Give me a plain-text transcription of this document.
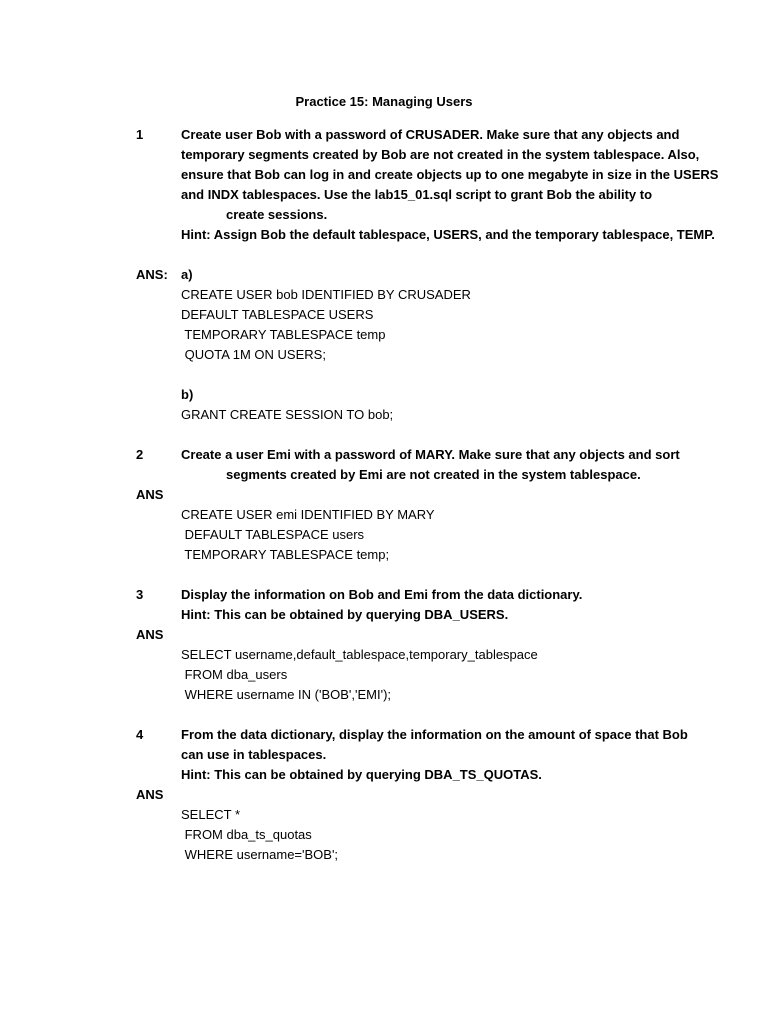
Practice 15: Managing Users
1	Create user Bob with a password of CRUSADER. Make sure that any objects and
temporary segments created by Bob are not created in the system tablespace. Also,
ensure that Bob can log in and create objects up to one megabyte in size in the USERS
and INDX tablespaces. Use the lab15_01.sql script to grant Bob the ability to
create sessions.
Hint: Assign Bob the default tablespace, USERS, and the temporary tablespace, TEMP.
ANS: a)
CREATE USER bob IDENTIFIED BY CRUSADER
DEFAULT TABLESPACE USERS
TEMPORARY TABLESPACE temp
QUOTA 1M ON USERS;
b)
GRANT CREATE SESSION TO bob;
2	Create a user Emi with a password of MARY. Make sure that any objects and sort
segments created by Emi are not created in the system tablespace.
ANS
CREATE USER emi IDENTIFIED BY MARY
DEFAULT TABLESPACE users
TEMPORARY TABLESPACE temp;
3	Display the information on Bob and Emi from the data dictionary.
Hint: This can be obtained by querying DBA_USERS.
ANS
SELECT username,default_tablespace,temporary_tablespace
FROM dba_users
WHERE username IN ('BOB','EMI');
4	From the data dictionary, display the information on the amount of space that Bob
can use in tablespaces.
Hint: This can be obtained by querying DBA_TS_QUOTAS.
ANS
SELECT *
FROM dba_ts_quotas
WHERE username='BOB';
